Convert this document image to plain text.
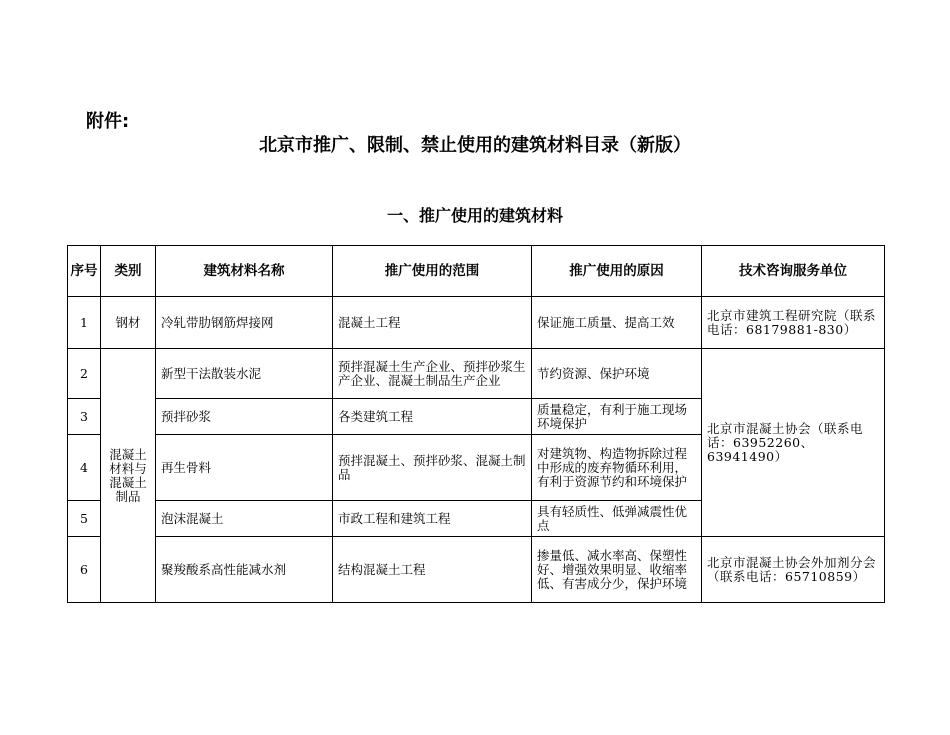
附件:
北京市推广、限制、禁止使用的建筑材料目录（新版）
一、推广使用的建筑材料
序号	类别	建筑材料名称	推广使用的范围	推广使用的原因	技术咨询服务单位
1	钢材	冷轧带肋钢筋焊接网	混凝土工程	保证施工质量、提高工效	北京市建筑工程研究院（联系电话：68179881-830）
2	混凝土材料与混凝土制品	新型干法散装水泥	预拌混凝土生产企业、预拌砂浆生产企业、混凝土制品生产企业	节约资源、保护环境	北京市混凝土协会（联系电话：63952260、63941490）
3		预拌砂浆	各类建筑工程	质量稳定，有利于施工现场环境保护	
4		再生骨料	预拌混凝土、预拌砂浆、混凝土制品	对建筑物、构造物拆除过程中形成的废弃物循环利用，有利于资源节约和环境保护	
5		泡沫混凝土	市政工程和建筑工程	具有轻质性、低弹减震性优点	
6		聚羧酸系高性能减水剂	结构混凝土工程	掺量低、减水率高、保塑性好、增强效果明显、收缩率低、有害成分少，保护环境	北京市混凝土协会外加剂分会（联系电话：65710859）
